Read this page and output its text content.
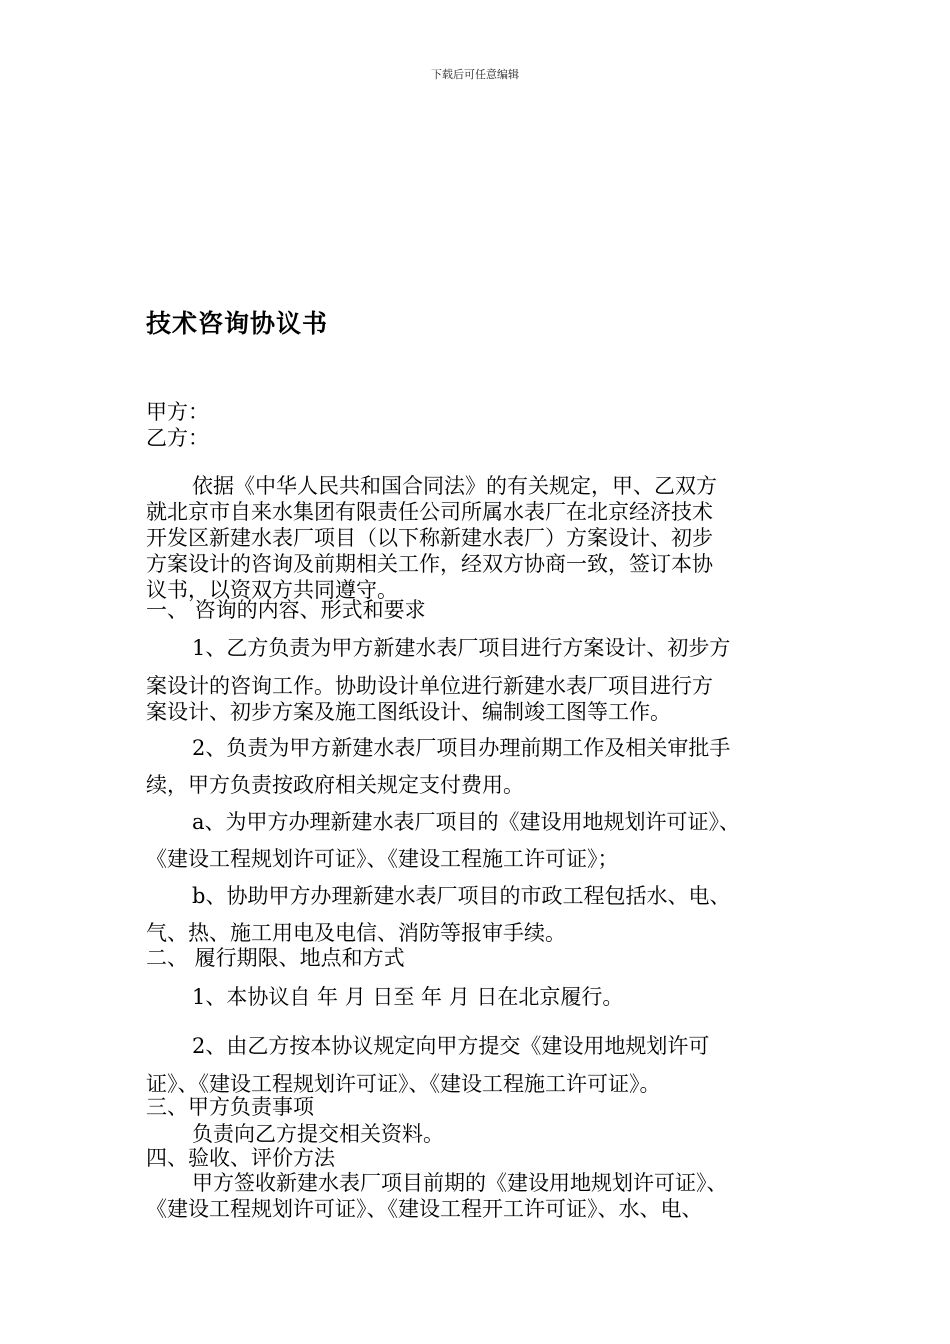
下载后可任意编辑
技术咨询协议书
甲方：
乙方：
依据《中华人民共和国合同法》的有关规定，甲、乙双方
就北京市自来水集团有限责任公司所属水表厂在北京经济技术
开发区新建水表厂项目（以下称新建水表厂）方案设计、初步
方案设计的咨询及前期相关工作，经双方协商一致，签订本协
议书，以资双方共同遵守。
一、 咨询的内容、形式和要求
1、乙方负责为甲方新建水表厂项目进行方案设计、初步方
案设计的咨询工作。协助设计单位进行新建水表厂项目进行方
案设计、初步方案及施工图纸设计、编制竣工图等工作。
2、负责为甲方新建水表厂项目办理前期工作及相关审批手
续，甲方负责按政府相关规定支付费用。
a、为甲方办理新建水表厂项目的《建设用地规划许可证》、
《建设工程规划许可证》、《建设工程施工许可证》；
b、协助甲方办理新建水表厂项目的市政工程包括水、电、
气、热、施工用电及电信、消防等报审手续。
二、 履行期限、地点和方式
1、本协议自 年 月 日至 年 月 日在北京履行。
2、由乙方按本协议规定向甲方提交《建设用地规划许可
证》、《建设工程规划许可证》、《建设工程施工许可证》。
三、甲方负责事项
负责向乙方提交相关资料。
四、验收、评价方法
甲方签收新建水表厂项目前期的《建设用地规划许可证》、
《建设工程规划许可证》、《建设工程开工许可证》、水、电、
